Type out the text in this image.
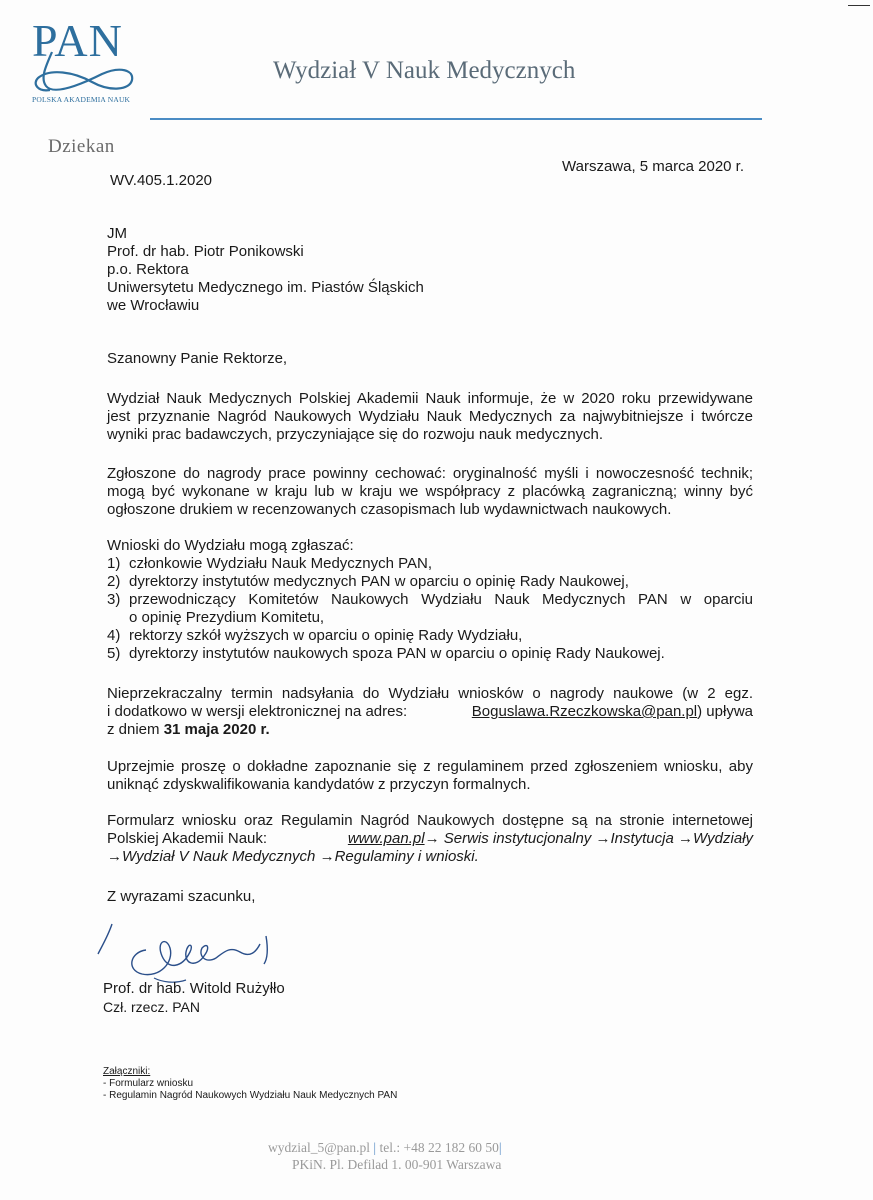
PAN
POLSKA AKADEMIA NAUK
Wydział V Nauk Medycznych
Dziekan
Warszawa, 5 marca 2020 r.
WV.405.1.2020
JM
Prof. dr hab. Piotr Ponikowski
p.o. Rektora
Uniwersytetu Medycznego im. Piastów Śląskich
we Wrocławiu
Szanowny Panie Rektorze,
Wydział Nauk Medycznych Polskiej Akademii Nauk informuje, że w 2020 roku przewidywane
jest przyznanie Nagród Naukowych Wydziału Nauk Medycznych za najwybitniejsze i twórcze
wyniki prac badawczych, przyczyniające się do rozwoju nauk medycznych.
Zgłoszone do nagrody prace powinny cechować: oryginalność myśli i nowoczesność technik;
mogą być wykonane w kraju lub w kraju we współpracy z placówką zagraniczną; winny być
ogłoszone drukiem w recenzowanych czasopismach lub wydawnictwach naukowych.
Wnioski do Wydziału mogą zgłaszać:
1) członkowie Wydziału Nauk Medycznych PAN,
2) dyrektorzy instytutów medycznych PAN w oparciu o opinię Rady Naukowej,
3) przewodniczący Komitetów Naukowych Wydziału Nauk Medycznych PAN w oparciu
o opinię Prezydium Komitetu,
4) rektorzy szkół wyższych w oparciu o opinię Rady Wydziału,
5) dyrektorzy instytutów naukowych spoza PAN w oparciu o opinię Rady Naukowej.
Nieprzekraczalny termin nadsyłania do Wydziału wniosków o nagrody naukowe (w 2 egz.
i dodatkowo w wersji elektronicznej na adres:	Boguslawa.Rzeczkowska@pan.pl) upływa
z dniem 31 maja 2020 r.
Uprzejmie proszę o dokładne zapoznanie się z regulaminem przed zgłoszeniem wniosku, aby
uniknąć zdyskwalifikowania kandydatów z przyczyn formalnych.
Formularz wniosku oraz Regulamin Nagród Naukowych dostępne są na stronie internetowej
Polskiej Akademii Nauk:	www.pan.pl→ Serwis instytucjonalny →Instytucja →Wydziały
→Wydział V Nauk Medycznych →Regulaminy i wnioski.
Z wyrazami szacunku,
Prof. dr hab. Witold Rużyłło
Czł. rzecz. PAN
Załączniki:
- Formularz wniosku
- Regulamin Nagród Naukowych Wydziału Nauk Medycznych PAN
wydzial_5@pan.pl | tel.: +48 22 182 60 50|
PKiN. Pl. Defilad 1. 00-901 Warszawa
